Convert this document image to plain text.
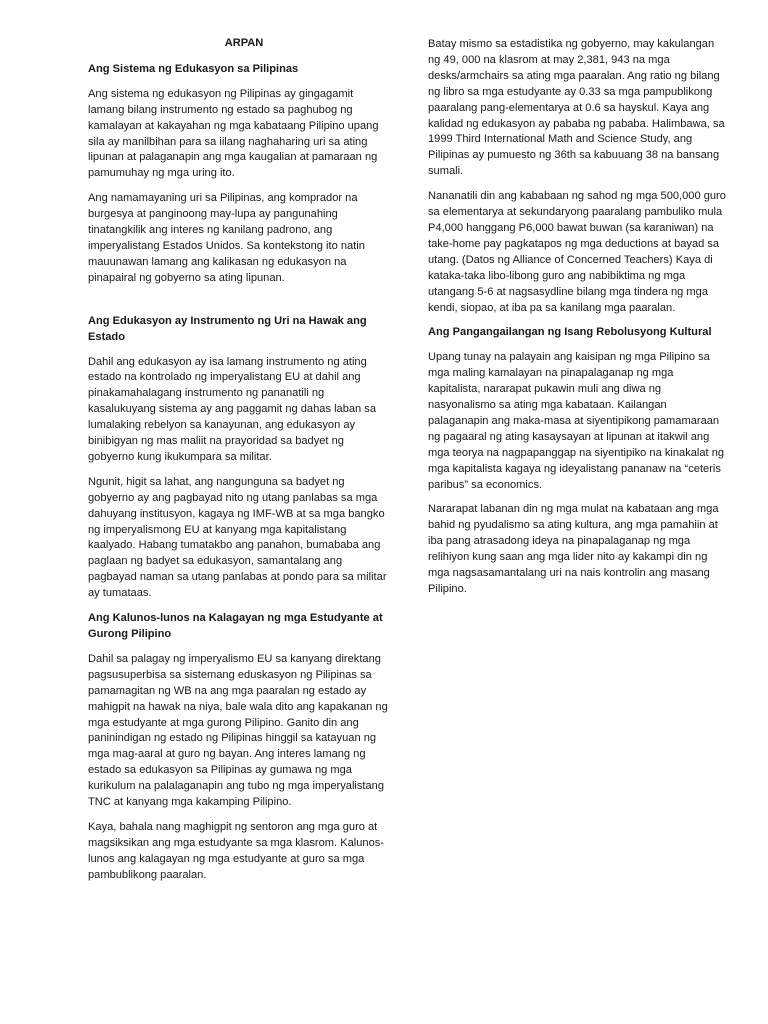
ARPAN
Ang Sistema ng Edukasyon sa Pilipinas

Ang sistema ng edukasyon ng Pilipinas ay gingagamit lamang bilang instrumento ng estado sa paghubog ng kamalayan at kakayahan ng mga kabataang Pilipino upang sila ay manilbihan para sa iilang naghaharing uri sa ating lipunan at palaganapin ang mga kaugalian at pamaraan ng pamumuhay ng mga uring ito.

Ang namamayaning uri sa Pilipinas, ang komprador na burgesya at panginoong may-lupa ay pangunahing tinatangkilik ang interes ng kanilang padrono, ang imperyalistang Estados Unidos. Sa kontekstong ito natin mauunawan lamang ang kalikasan ng edukasyon na pinapairal ng gobyerno sa ating lipunan.

Ang Edukasyon ay Instrumento ng Uri na Hawak ang Estado

Dahil ang edukasyon ay isa lamang instrumento ng ating estado na kontrolado ng imperyalistang EU at dahil ang pinakamahalagang instrumento ng pananatili ng kasalukuyang sistema ay ang paggamit ng dahas laban sa lumalaking rebelyon sa kanayunan, ang edukasyon ay binibigyan ng mas maliit na prayoridad sa badyet ng gobyerno kung ikukumpara sa militar.

Ngunit, higit sa lahat, ang nangunguna sa badyet ng gobyerno ay ang pagbayad nito ng utang panlabas sa mga dahuyang institusyon, kagaya ng IMF-WB at sa mga bangko ng imperyalismong EU at kanyang mga kapitalistang kaalyado. Habang tumatakbo ang panahon, bumababa ang paglaan ng badyet sa edukasyon, samantalang ang pagbayad naman sa utang panlabas at pondo para sa militar ay tumataas.

Ang Kalunos-lunos na Kalagayan ng mga Estudyante at Gurong Pilipino

Dahil sa palagay ng imperyalismo EU sa kanyang direktang pagsusuperbisa sa sistemang eduskasyon ng Pilipinas sa pamamagitan ng WB na ang mga paaralan ng estado ay mahigpit na hawak na niya, bale wala dito ang kapakanan ng mga estudyante at mga gurong Pilipino. Ganito din ang paninindigan ng estado ng Pilipinas hinggil sa katayuan ng mga mag-aaral at guro ng bayan. Ang interes lamang ng estado sa edukasyon sa Pilipinas ay gumawa ng mga kurikulum na palalaganapin ang tubo ng mga imperyalistang TNC at kanyang mga kakamping Pilipino.

Kaya, bahala nang maghigpit ng sentoron ang mga guro at magsiksikan ang mga estudyante sa mga klasrom. Kalunos-lunos ang kalagayan ng mga estudyante at guro sa mga pambublikong paaralan.

Batay mismo sa estadistika ng gobyerno, may kakulangan ng 49, 000 na klasrom at may 2,381, 943 na mga desks/armchairs sa ating mga paaralan. Ang ratio ng bilang ng libro sa mga estudyante ay 0.33 sa mga pampublikong paaralang pang-elementarya at 0.6 sa hayskul. Kaya ang kalidad ng edukasyon ay pababa ng pababa. Halimbawa, sa 1999 Third International Math and Science Study, ang Pilipinas ay pumuesto ng 36th sa kabuuang 38 na bansang sumali.

Nananatili din ang kababaan ng sahod ng mga 500,000 guro sa elementarya at sekundaryong paaralang pambuliko mula P4,000 hanggang P6,000 bawat buwan (sa karaniwan) na take-home pay pagkatapos ng mga deductions at bayad sa utang. (Datos ng Alliance of Concerned Teachers) Kaya di kataka-taka libo-libong guro ang nabibiktima ng mga utangang 5-6 at nagsasydline bilang mga tindera ng mga kendi, siopao, at iba pa sa kanilang mga paaralan.

Ang Pangangailangan ng Isang Rebolusyong Kultural

Upang tunay na palayain ang kaisipan ng mga Pilipino sa mga maling kamalayan na pinapalaganap ng mga kapitalista, nararapat pukawin muli ang diwa ng nasyonalismo sa ating mga kabataan. Kailangan palaganapin ang maka-masa at siyentipikong pamamaraan ng pagaaral ng ating kasaysayan at lipunan at itakwil ang mga teorya na nagpapanggap na siyentipiko na kinakalat ng mga kapitalista kagaya ng ideyalistang pananaw na “ceteris paribus” sa economics.

Nararapat labanan din ng mga mulat na kabataan ang mga bahid ng pyudalismo sa ating kultura, ang mga pamahiin at iba pang atrasadong ideya na pinapalaganap ng mga relihiyon kung saan ang mga lider nito ay kakampi din ng mga nagsasamantalang uri na nais kontrolin ang masang Pilipino.
